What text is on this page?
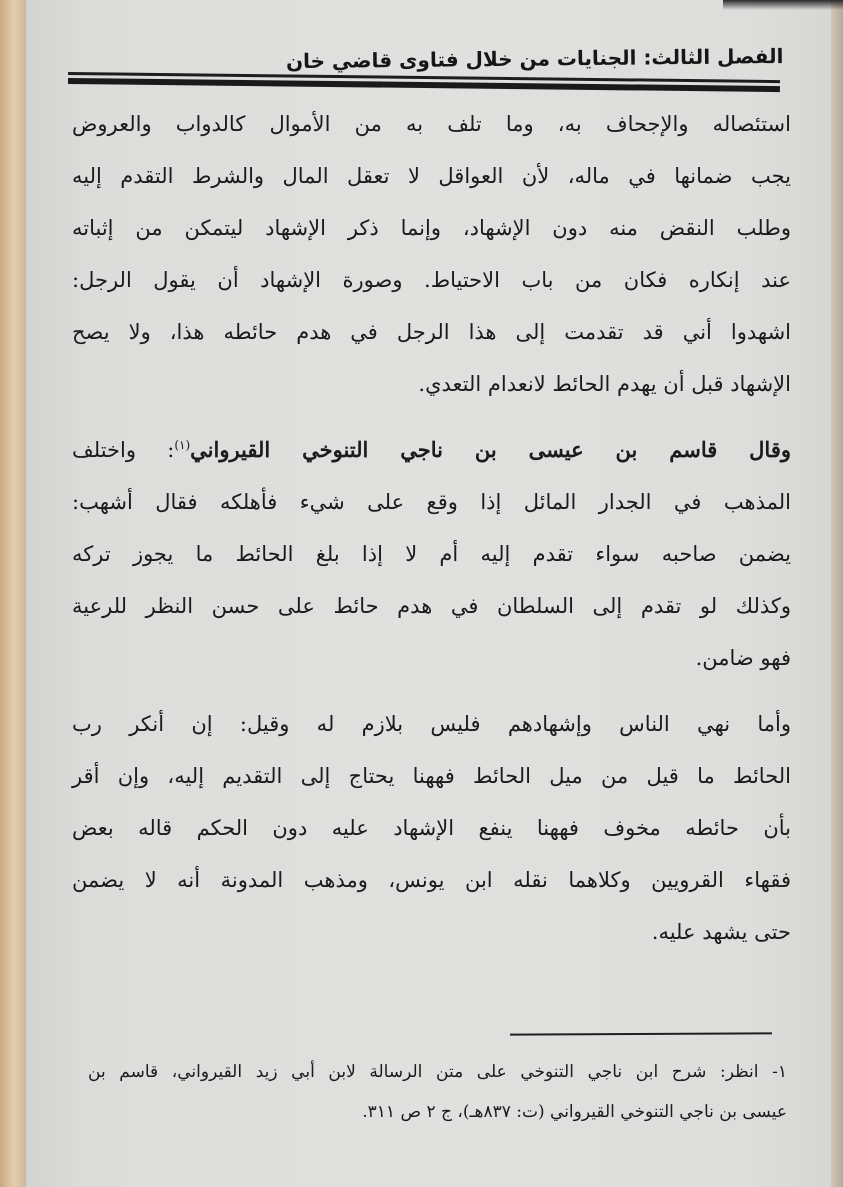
الفصل الثالث: الجنايات من خلال فتاوى قاضي خان
استئصاله والإجحاف به، وما تلف به من الأموال كالدواب والعروض
يجب ضمانها في ماله، لأن العواقل لا تعقل المال والشرط التقدم إليه
وطلب النقض منه دون الإشهاد، وإنما ذكر الإشهاد ليتمكن من إثباته
عند إنكاره فكان من باب الاحتياط. وصورة الإشهاد أن يقول الرجل:
اشهدوا أني قد تقدمت إلى هذا الرجل في هدم حائطه هذا، ولا يصح
الإشهاد قبل أن يهدم الحائط لانعدام التعدي.
وقال قاسم بن عيسى بن ناجي التنوخي القيرواني$^{(١)}$: واختلف
المذهب في الجدار المائل إذا وقع على شيء فأهلكه فقال أشهب:
يضمن صاحبه سواء تقدم إليه أم لا إذا بلغ الحائط ما يجوز تركه
وكذلك لو تقدم إلى السلطان في هدم حائط على حسن النظر للرعية
فهو ضامن.
وأما نهي الناس وإشهادهم فليس بلازم له وقيل: إن أنكر رب
الحائط ما قيل من ميل الحائط فههنا يحتاج إلى التقديم إليه، وإن أقر
بأن حائطه مخوف فههنا ينفع الإشهاد عليه دون الحكم قاله بعض
فقهاء القرويين وكلاهما نقله ابن يونس، ومذهب المدونة أنه لا يضمن
حتى يشهد عليه.
١- انظر: شرح ابن ناجي التنوخي على متن الرسالة لابن أبي زيد القيرواني، قاسم بن
عيسى بن ناجي التنوخي القيرواني (ت: ٨٣٧هـ)، ج ٢ ص ٣١١.
